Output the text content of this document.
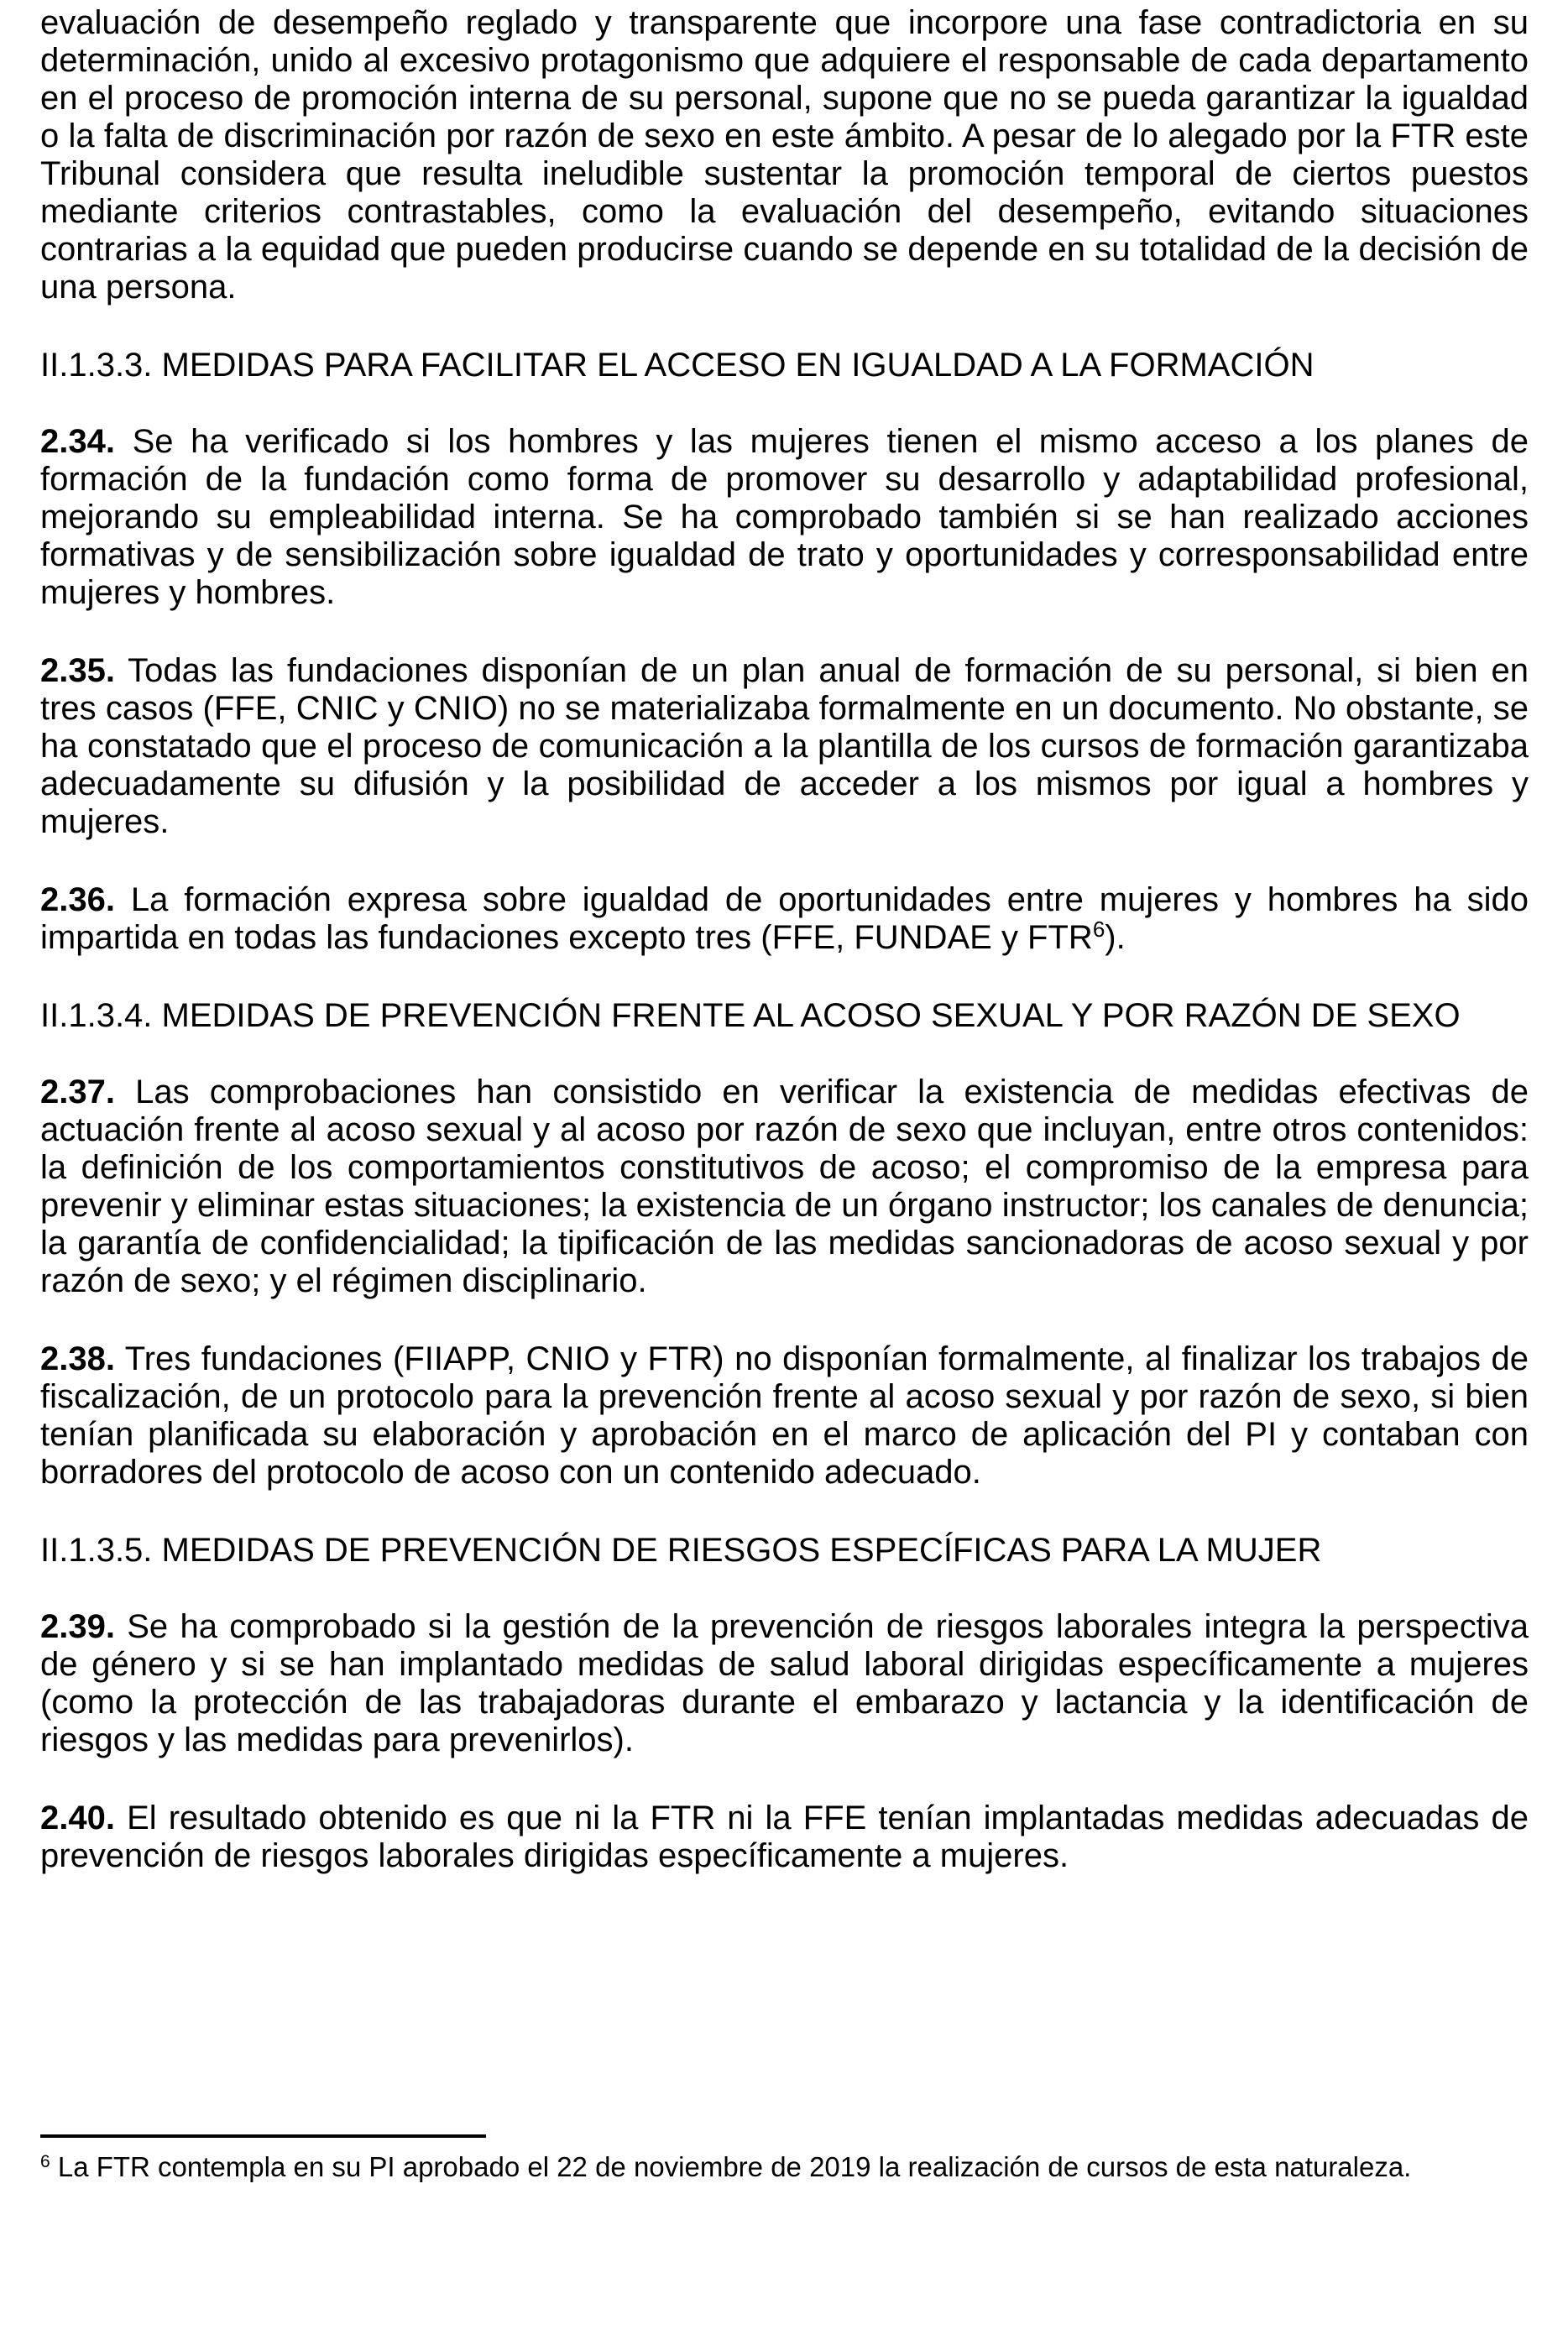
evaluación de desempeño reglado y transparente que incorpore una fase contradictoria en su determinación, unido al excesivo protagonismo que adquiere el responsable de cada departamento en el proceso de promoción interna de su personal, supone que no se pueda garantizar la igualdad o la falta de discriminación por razón de sexo en este ámbito. A pesar de lo alegado por la FTR este Tribunal considera que resulta ineludible sustentar la promoción temporal de ciertos puestos mediante criterios contrastables, como la evaluación del desempeño, evitando situaciones contrarias a la equidad que pueden producirse cuando se depende en su totalidad de la decisión de una persona.

II.1.3.3. MEDIDAS PARA FACILITAR EL ACCESO EN IGUALDAD A LA FORMACIÓN

2.34. Se ha verificado si los hombres y las mujeres tienen el mismo acceso a los planes de formación de la fundación como forma de promover su desarrollo y adaptabilidad profesional, mejorando su empleabilidad interna. Se ha comprobado también si se han realizado acciones formativas y de sensibilización sobre igualdad de trato y oportunidades y corresponsabilidad entre mujeres y hombres.

2.35. Todas las fundaciones disponían de un plan anual de formación de su personal, si bien en tres casos (FFE, CNIC y CNIO) no se materializaba formalmente en un documento. No obstante, se ha constatado que el proceso de comunicación a la plantilla de los cursos de formación garantizaba adecuadamente su difusión y la posibilidad de acceder a los mismos por igual a hombres y mujeres.

2.36. La formación expresa sobre igualdad de oportunidades entre mujeres y hombres ha sido impartida en todas las fundaciones excepto tres (FFE, FUNDAE y FTR$^6$).

II.1.3.4. MEDIDAS DE PREVENCIÓN FRENTE AL ACOSO SEXUAL Y POR RAZÓN DE SEXO

2.37. Las comprobaciones han consistido en verificar la existencia de medidas efectivas de actuación frente al acoso sexual y al acoso por razón de sexo que incluyan, entre otros contenidos: la definición de los comportamientos constitutivos de acoso; el compromiso de la empresa para prevenir y eliminar estas situaciones; la existencia de un órgano instructor; los canales de denuncia; la garantía de confidencialidad; la tipificación de las medidas sancionadoras de acoso sexual y por razón de sexo; y el régimen disciplinario.

2.38. Tres fundaciones (FIIAPP, CNIO y FTR) no disponían formalmente, al finalizar los trabajos de fiscalización, de un protocolo para la prevención frente al acoso sexual y por razón de sexo, si bien tenían planificada su elaboración y aprobación en el marco de aplicación del PI y contaban con borradores del protocolo de acoso con un contenido adecuado.

II.1.3.5. MEDIDAS DE PREVENCIÓN DE RIESGOS ESPECÍFICAS PARA LA MUJER

2.39. Se ha comprobado si la gestión de la prevención de riesgos laborales integra la perspectiva de género y si se han implantado medidas de salud laboral dirigidas específicamente a mujeres (como la protección de las trabajadoras durante el embarazo y lactancia y la identificación de riesgos y las medidas para prevenirlos).

2.40. El resultado obtenido es que ni la FTR ni la FFE tenían implantadas medidas adecuadas de prevención de riesgos laborales dirigidas específicamente a mujeres.

$^6$ La FTR contempla en su PI aprobado el 22 de noviembre de 2019 la realización de cursos de esta naturaleza.
